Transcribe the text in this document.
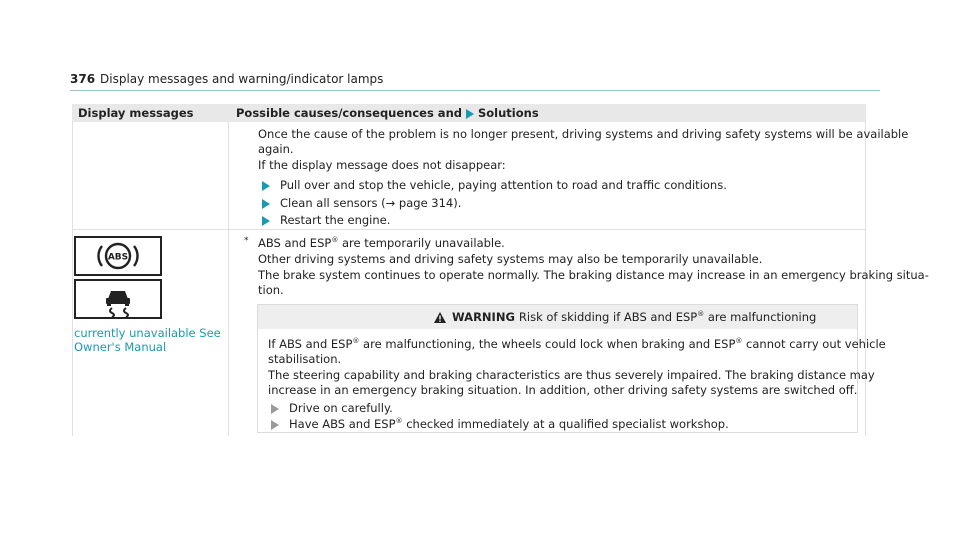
376 Display messages and warning/indicator lamps
Display messages	Possible causes/consequences and Solutions
Once the cause of the problem is no longer present, driving systems and driving safety systems will be available
again.
If the display message does not disappear:
Pull over and stop the vehicle, paying attention to road and traffic conditions.
Clean all sensors (→ page 314).
Restart the engine.
ABS
currently unavailable See
Owner's Manual
* ABS and ESP® are temporarily unavailable.
Other driving systems and driving safety systems may also be temporarily unavailable.
The brake system continues to operate normally. The braking distance may increase in an emergency braking situa-
tion.
WARNING Risk of skidding if ABS and ESP® are malfunctioning
If ABS and ESP® are malfunctioning, the wheels could lock when braking and ESP® cannot carry out vehicle
stabilisation.
The steering capability and braking characteristics are thus severely impaired. The braking distance may
increase in an emergency braking situation. In addition, other driving safety systems are switched off.
Drive on carefully.
Have ABS and ESP® checked immediately at a qualified specialist workshop.
